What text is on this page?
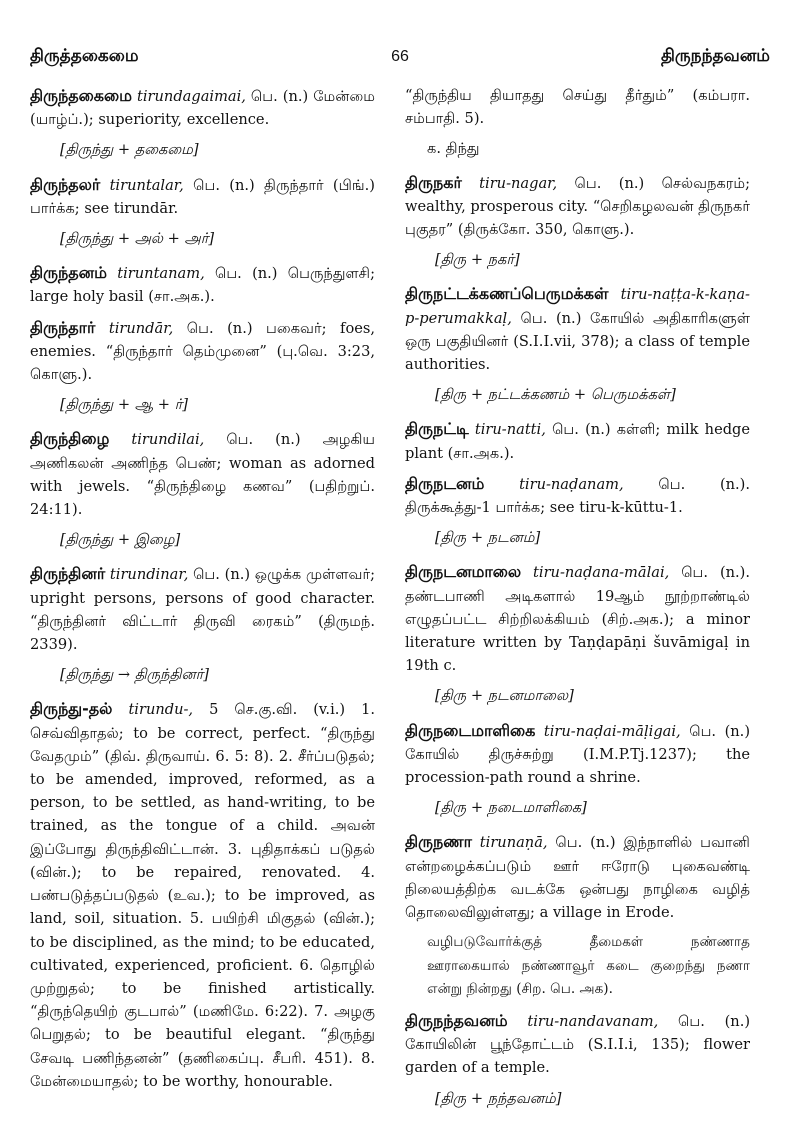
திருத்தகைமை	66	திருநந்தவனம்
திருந்தகைமை tirundagaimai, பெ. (n.) மேன்மை (யாழ்ப்.); superiority, excellence.
[திருந்து + தகைமை]
திருந்தலர் tiruntalar, பெ. (n.) திருந்தார் (பிங்.) பார்க்க; see tirundār.
[திருந்து + அல் + அர்]
திருந்தனம் tiruntanam, பெ. (n.) பெருந்துளசி; large holy basil (சா.அக.).
திருந்தார் tirundār, பெ. (n.) பகைவர்; foes, enemies. “திருந்தார் தெம்முனை” (பு.வெ. 3:23, கொளு.).
[திருந்து + ஆ + ர்]
திருந்திழை tirundilai, பெ. (n.) அழகிய அணிகலன் அணிந்த பெண்; woman as adorned with jewels. “திருந்திழை கணவ” (பதிற்றுப். 24:11).
[திருந்து + இழை]
திருந்தினர் tirundinar, பெ. (n.) ஒழுக்க முள்ளவர்; upright persons, persons of good character. “திருந்தினர் விட்டார் திருவி ரைகம்” (திருமந். 2339).
[திருந்து → திருந்தினர்]
திருந்து-தல் tirundu-, 5 செ.கு.வி. (v.i.) 1. செவ்விதாதல்; to be correct, perfect. “திருந்து வேதமும்” (திவ். திருவாய். 6. 5: 8). 2. சீர்ப்படுதல்; to be amended, improved, reformed, as a person, to be settled, as hand-writing, to be trained, as the tongue of a child. அவன் இப்போது திருந்திவிட்டான். 3. புதிதாக்கப் படுதல் (வின்.); to be repaired, renovated. 4. பண்படுத்தப்படுதல் (உவ.); to be improved, as land, soil, situation. 5. பயிற்சி மிகுதல் (வின்.); to be disciplined, as the mind; to be educated, cultivated, experienced, proficient. 6. தொழில் முற்றுதல்; to be finished artistically. “திருந்தெயிற் குடபால்” (மணிமே. 6:22). 7. அழகு பெறுதல்; to be beautiful elegant. “திருந்து சேவடி பணிந்தனன்” (தணிகைப்பு. சீபரி. 451). 8. மேன்மையாதல்; to be worthy, honourable.
“திருந்திய தியாதது செய்து தீர்தும்” (கம்பரா. சம்பாதி. 5).
க. திந்து
திருநகர் tiru-nagar, பெ. (n.) செல்வநகரம்; wealthy, prosperous city. “செறிகழலவன் திருநகர் புகுதர” (திருக்கோ. 350, கொளு.).
[திரு + நகர்]
திருநட்டக்கணப்பெருமக்கள் tiru-naṭṭa-k-kaṇa-p-perumakkaḷ, பெ. (n.) கோயில் அதிகாரிகளுள் ஒரு பகுதியினர் (S.I.I.vii, 378); a class of temple authorities.
[திரு + நட்டக்கணம் + பெருமக்கள்]
திருநட்டி tiru-natti, பெ. (n.) கள்ளி; milk hedge plant (சா.அக.).
திருநடனம் tiru-naḍanam, பெ. (n.). திருக்கூத்து-1 பார்க்க; see tiru-k-kūttu-1.
[திரு + நடனம்]
திருநடனமாலை tiru-naḍana-mālai, பெ. (n.). தண்டபாணி அடிகளால் 19ஆம் நூற்றாண்டில் எழுதப்பட்ட சிற்றிலக்கியம் (சிற்.அக.); a minor literature written by Taṇḍapāṇi šuvāmigaḷ in 19th c.
[திரு + நடனமாலை]
திருநடைமாளிகை tiru-naḍai-māḷigai, பெ. (n.) கோயில் திருச்சுற்று (I.M.P.Tj.1237); the procession-path round a shrine.
[திரு + நடைமாளிகை]
திருநணா tirunaṇā, பெ. (n.) இந்நாளில் பவானி என்றழைக்கப்படும் ஊர் ஈரோடு புகைவண்டி நிலையத்திற்க வடக்கே ஒன்பது நாழிகை வழித் தொலைவிலுள்ளது; a village in Erode.
வழிபடுவோர்க்குத் தீமைகள் நண்ணாத ஊராகையால் நண்ணாவூர் கடை குறைந்து நணா என்று நின்றது (சிற. பெ. அக).
திருநந்தவனம் tiru-nandavanam, பெ. (n.) கோயிலின் பூந்தோட்டம் (S.I.I.i, 135); flower garden of a temple.
[திரு + நந்தவனம்]
